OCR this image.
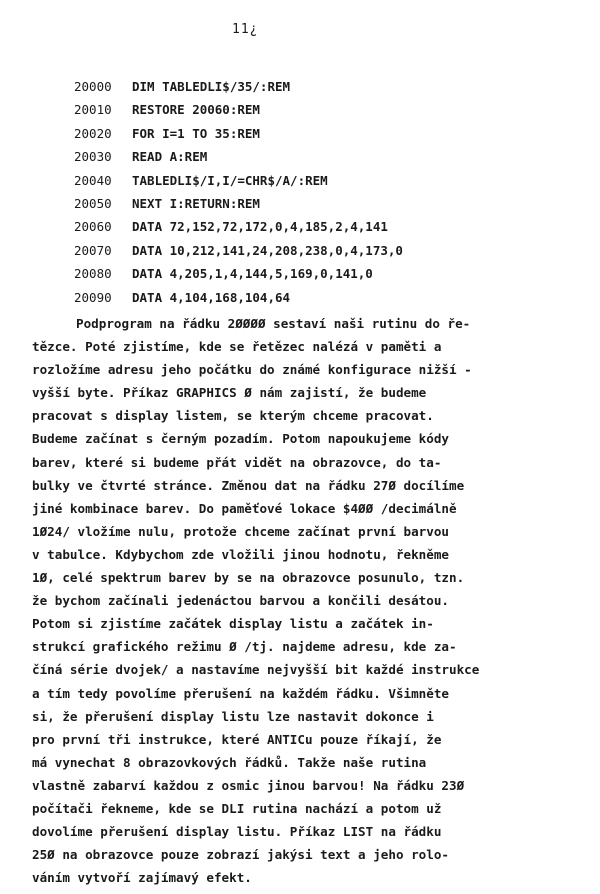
11¿
20000	DIM TABLEDLI$/35/:REM
20010	RESTORE 20060:REM
20020	FOR I=1 TO 35:REM
20030	READ A:REM
20040	TABLEDLI$/I,I/=CHR$/A/:REM
20050	NEXT I:RETURN:REM
20060	DATA 72,152,72,172,0,4,185,2,4,141
20070	DATA 10,212,141,24,208,238,0,4,173,0
20080	DATA 4,205,1,4,144,5,169,0,141,0
20090	DATA 4,104,168,104,64
Podprogram na řádku 2ØØØØ sestaví naši rutinu do ře-
tězce. Poté zjistíme, kde se řetězec nalézá v paměti a
rozložíme adresu jeho počátku do známé konfigurace nižší -
vyšší byte. Příkaz GRAPHICS Ø nám zajistí, že budeme
pracovat s display listem, se kterým chceme pracovat.
Budeme začínat s černým pozadím. Potom napoukujeme kódy
barev, které si budeme přát vidět na obrazovce, do ta-
bulky ve čtvrté stránce. Změnou dat na řádku 27Ø docílíme
jiné kombinace barev. Do paměťové lokace $4ØØ /decimálně
1Ø24/ vložíme nulu, protože chceme začínat první barvou
v tabulce. Kdybychom zde vložili jinou hodnotu, řekněme
1Ø, celé spektrum barev by se na obrazovce posunulo, tzn.
že bychom začínali jedenáctou barvou a končili desátou.
Potom si zjistíme začátek display listu a začátek in-
strukcí grafického režimu Ø /tj. najdeme adresu, kde za-
číná série dvojek/ a nastavíme nejvyšší bit každé instrukce
a tím tedy povolíme přerušení na každém řádku. Všimněte
si, že přerušení display listu lze nastavit dokonce i
pro první tři instrukce, které ANTICu pouze říkají, že
má vynechat 8 obrazovkových řádků. Takže naše rutina
vlastně zabarví každou z osmic jinou barvou! Na řádku 23Ø
počítači řekneme, kde se DLI rutina nachází a potom už
dovolíme přerušení display listu. Příkaz LIST na řádku
25Ø na obrazovce pouze zobrazí jakýsi text a jeho rolo-
váním vytvoří zajímavý efekt.
